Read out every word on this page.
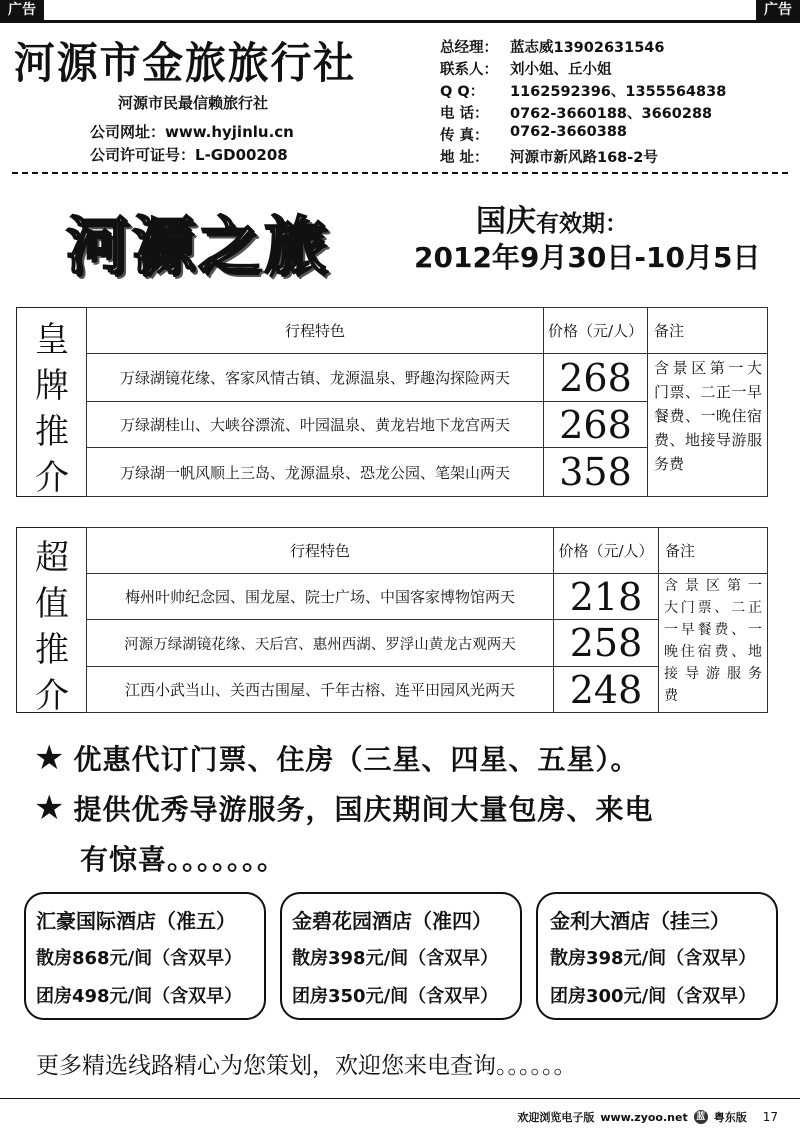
广告	广告
河源市金旅旅行社
河源市民最信赖旅行社
公司网址：www.hyjinlu.cn
公司许可证号：L-GD00208
总经理： 蓝志威13902631546
联系人： 刘小姐、丘小姐
Q Q：	1162592396、1355564838
电 话：	0762-3660188、3660288
传 真：	0762-3660388
地 址：	河源市新风路168-2号
河源之旅	国庆有效期：
2012年9月30日-10月5日
皇
牌
推
介
行程特色	价格（元/人） 备注
万绿湖镜花缘、客家风情古镇、龙源温泉、野趣沟探险两天	268
万绿湖桂山、大峡谷漂流、叶园温泉、黄龙岩地下龙宫两天	268
万绿湖一帆风顺上三岛、龙源温泉、恐龙公园、笔架山两天	358
含景区第一大
门票、二正一早
餐费、一晚住宿
费、地接导游服
务费
超
值
推
介
行程特色	价格（元/人） 备注
梅州叶帅纪念园、围龙屋、院士广场、中国客家博物馆两天	218
河源万绿湖镜花缘、天后宫、惠州西湖、罗浮山黄龙古观两天	258
江西小武当山、关西古围屋、千年古榕、连平田园风光两天	248
含景区第一
大门票、二正
一早餐费、一
晚住宿费、地
接导游服务
费
★ 优惠代订门票、住房（三星、四星、五星）。
★ 提供优秀导游服务，国庆期间大量包房、来电
有惊喜。。。。。。。
汇豪国际酒店（准五）
散房868元/间（含双早）
团房498元/间（含双早）
金碧花园酒店（准四）
散房398元/间（含双早）
团房350元/间（含双早）
金利大酒店（挂三）
散房398元/间（含双早）
团房300元/间（含双早）
更多精选线路精心为您策划，欢迎您来电查询。。。。。。
欢迎浏览电子版 www.zyoo.net 蓝 粤东版 17
